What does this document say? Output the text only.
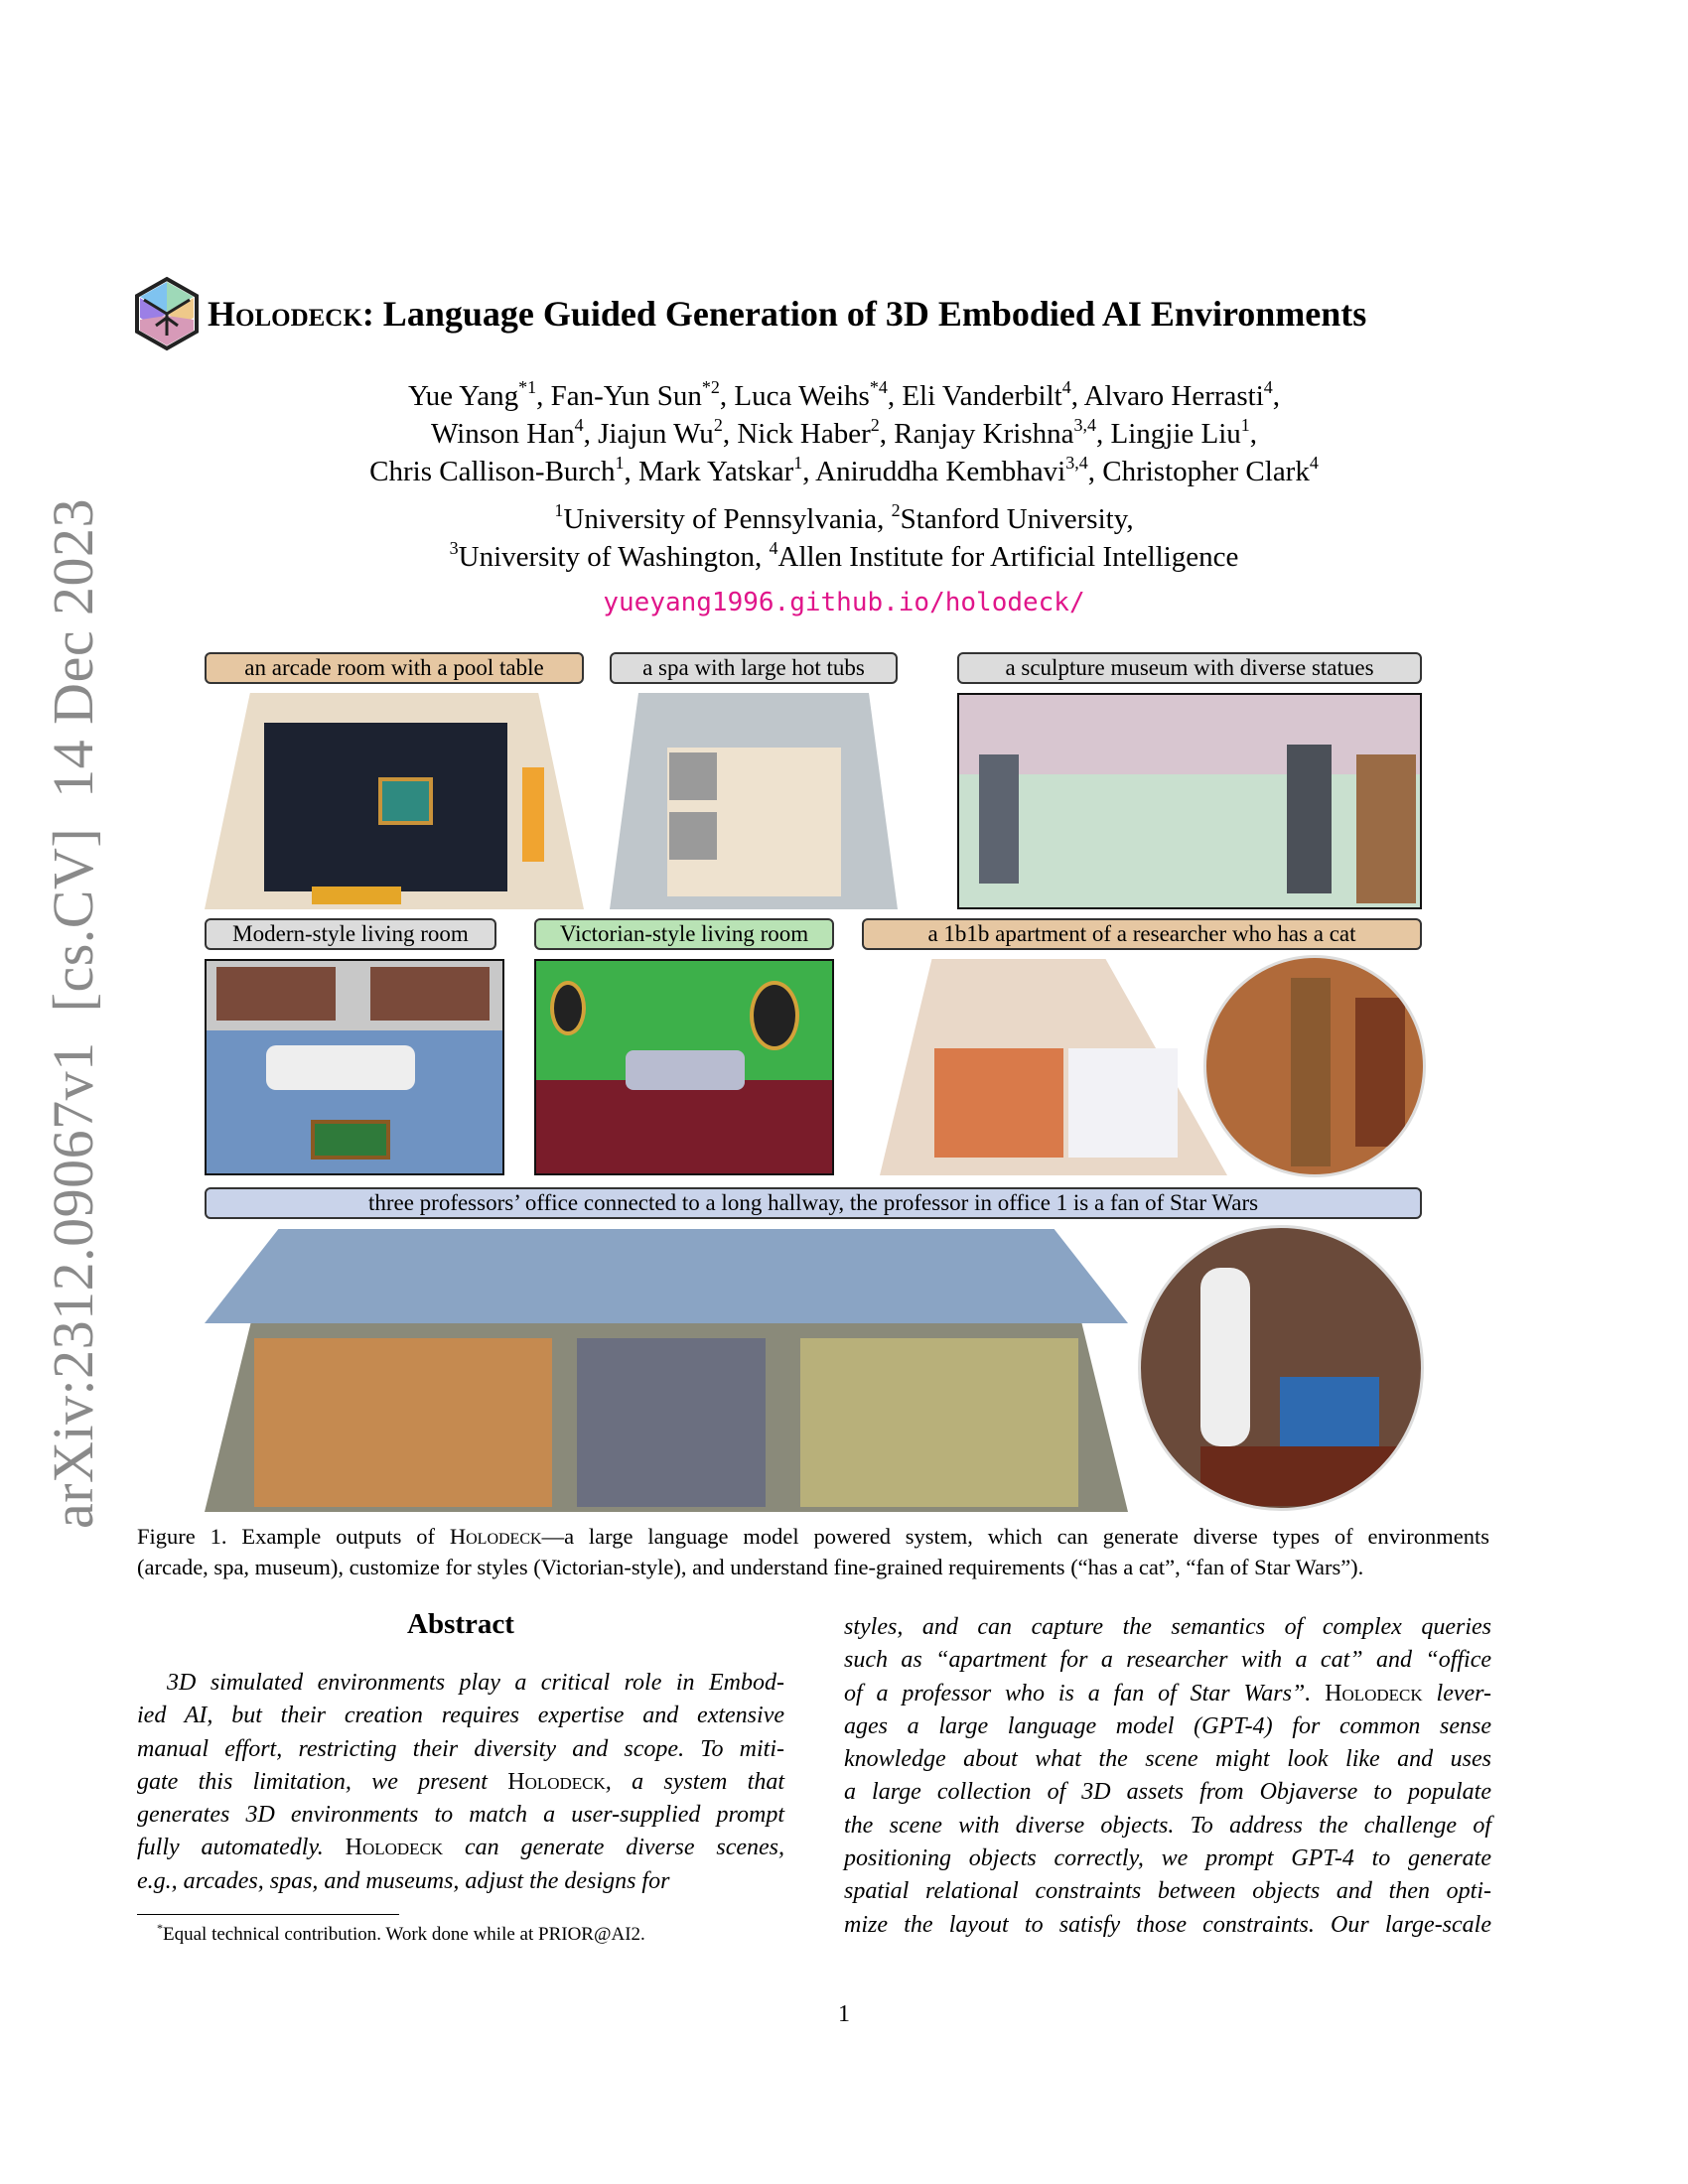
arXiv:2312.09067v1  [cs.CV]  14 Dec 2023
Holodeck: Language Guided Generation of 3D Embodied AI Environments
Yue Yang$^{*1}$, Fan-Yun Sun$^{*2}$, Luca Weihs$^{*4}$, Eli Vanderbilt$^4$, Alvaro Herrasti$^4$,
Winson Han$^4$, Jiajun Wu$^2$, Nick Haber$^2$, Ranjay Krishna$^{3,4}$, Lingjie Liu$^1$,
Chris Callison-Burch$^1$, Mark Yatskar$^1$, Aniruddha Kembhavi$^{3,4}$, Christopher Clark$^4$
$^1$University of Pennsylvania, $^2$Stanford University,
$^3$University of Washington, $^4$Allen Institute for Artificial Intelligence
yueyang1996.github.io/holodeck/
an arcade room with a pool table	a spa with large hot tubs	a sculpture museum with diverse statues
Modern-style living room	Victorian-style living room	a 1b1b apartment of a researcher who has a cat
three professors’ office connected to a long hallway, the professor in office 1 is a fan of Star Wars
Figure 1. Example outputs of Holodeck—a large language model powered system, which can generate diverse types of environments
(arcade, spa, museum), customize for styles (Victorian-style), and understand fine-grained requirements (“has a cat”, “fan of Star Wars”).
Abstract
3D simulated environments play a critical role in Embod-
ied AI, but their creation requires expertise and extensive
manual effort, restricting their diversity and scope. To miti-
gate this limitation, we present Holodeck, a system that
generates 3D environments to match a user-supplied prompt
fully automatedly. Holodeck can generate diverse scenes,
e.g., arcades, spas, and museums, adjust the designs for
styles, and can capture the semantics of complex queries
such as “apartment for a researcher with a cat” and “office
of a professor who is a fan of Star Wars”. Holodeck lever-
ages a large language model (GPT-4) for common sense
knowledge about what the scene might look like and uses
a large collection of 3D assets from Objaverse to populate
the scene with diverse objects. To address the challenge of
positioning objects correctly, we prompt GPT-4 to generate
spatial relational constraints between objects and then opti-
mize the layout to satisfy those constraints. Our large-scale
*Equal technical contribution. Work done while at PRIOR@AI2.
1
